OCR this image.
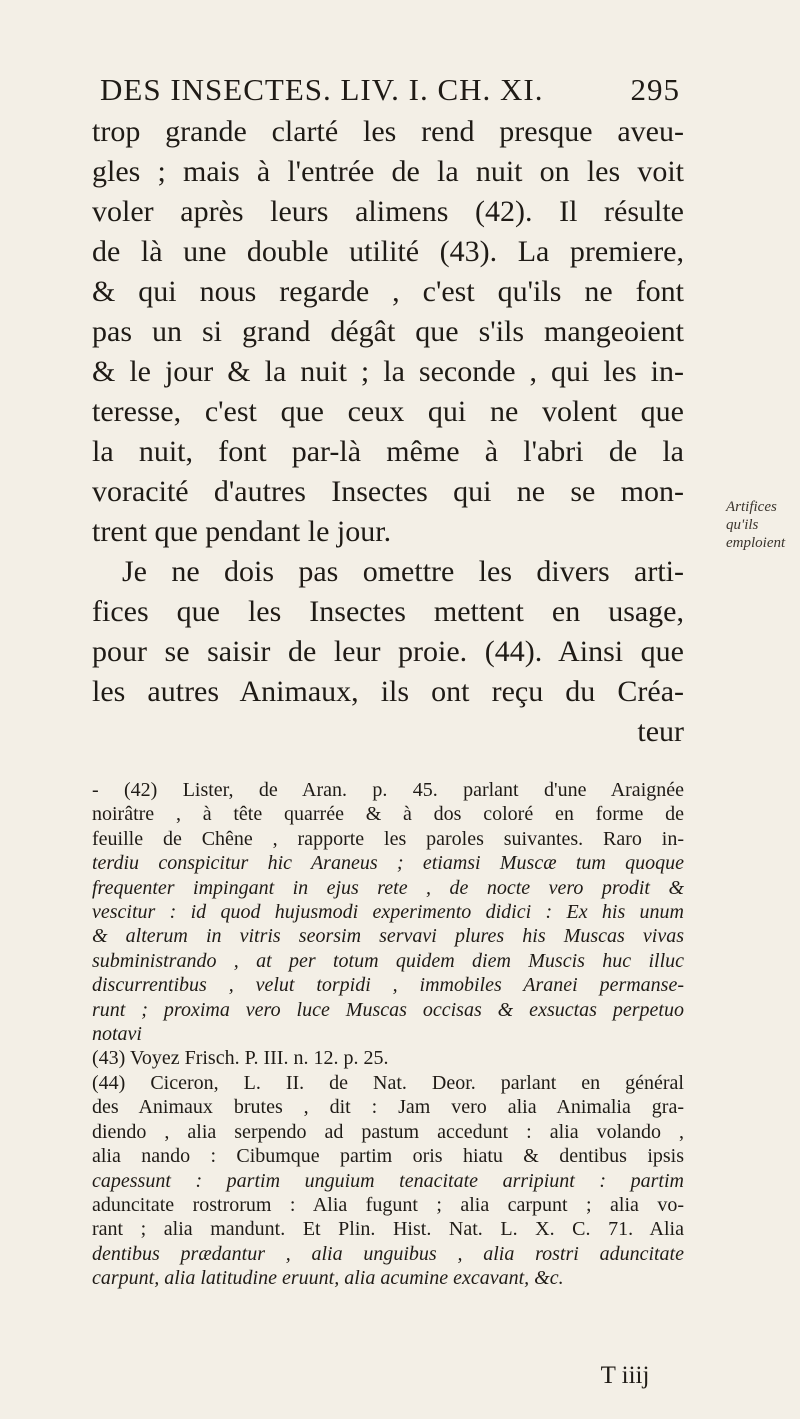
DES INSECTES. LIV. I. CH. XI.	295
trop grande clarté les rend presque aveu-
gles ; mais à l'entrée de la nuit on les voit
voler après leurs alimens (42). Il résulte
de là une double utilité (43). La premiere,
& qui nous regarde , c'est qu'ils ne font
pas un si grand dégât que s'ils mangeoient
& le jour & la nuit ; la seconde , qui les in-
teresse, c'est que ceux qui ne volent que
la nuit, font par-là même à l'abri de la
voracité d'autres Insectes qui ne se mon-
trent que pendant le jour.
Je ne dois pas omettre les divers arti-
fices que les Insectes mettent en usage,
pour se saisir de leur proie. (44). Ainsi que
les autres Animaux, ils ont reçu du Créa-
teur
Artifices
qu'ils
emploient
- (42) Lister, de Aran. p. 45. parlant d'une Araignée
noirâtre , à tête quarrée & à dos coloré en forme de
feuille de Chêne , rapporte les paroles suivantes. Raro in-
terdiu conspicitur hic Araneus ; etiamsi Muscæ tum quoque
frequenter impingant in ejus rete , de nocte vero prodit &
vescitur : id quod hujusmodi experimento didici : Ex his unum
& alterum in vitris seorsim servavi plures his Muscas vivas
subministrando , at per totum quidem diem Muscis huc illuc
discurrentibus , velut torpidi , immobiles Aranei permanse-
runt ; proxima vero luce Muscas occisas & exsuctas perpetuo
notavi
(43) Voyez Frisch. P. III. n. 12. p. 25.
(44) Ciceron, L. II. de Nat. Deor. parlant en général
des Animaux brutes , dit : Jam vero alia Animalia gra-
diendo , alia serpendo ad pastum accedunt : alia volando ,
alia nando : Cibumque partim oris hiatu & dentibus ipsis
capessunt : partim unguium tenacitate arripiunt : partim
aduncitate rostrorum : Alia fugunt ; alia carpunt ; alia vo-
rant ; alia mandunt. Et Plin. Hist. Nat. L. X. C. 71. Alia
dentibus prædantur , alia unguibus , alia rostri aduncitate
carpunt, alia latitudine eruunt, alia acumine excavant, &c.
T iiij
